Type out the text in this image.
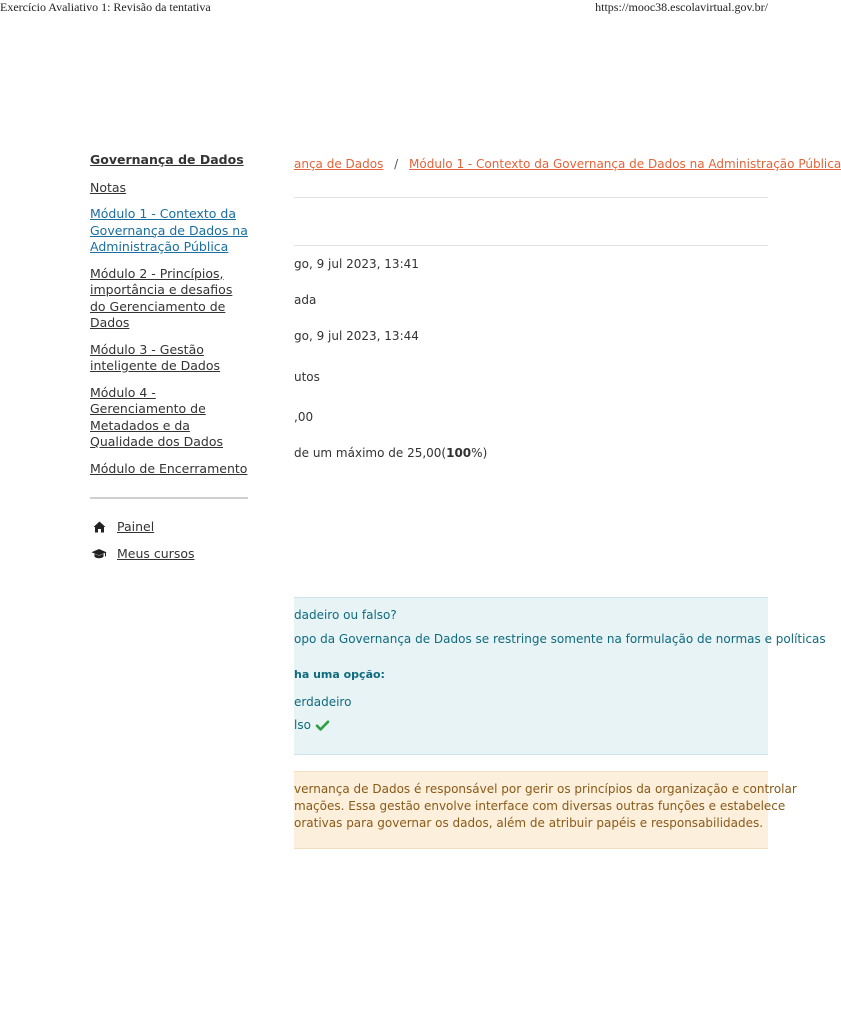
Exercício Avaliativo 1: Revisão da tentativa	https://mooc38.escolavirtual.gov.br/
Governança de Dados
Notas
Módulo 1 - Contexto da Governança de Dados na Administração Pública
Módulo 2 - Princípios, importância e desafios do Gerenciamento de Dados
Módulo 3 - Gestão inteligente de Dados
Módulo 4 - Gerenciamento de Metadados e da Qualidade dos Dados
Módulo de Encerramento
Painel
Meus cursos
ança de Dados / Módulo 1 - Contexto da Governança de Dados na Administração Pública
go, 9 jul 2023, 13:41
ada
go, 9 jul 2023, 13:44
utos
,00
de um máximo de 25,00(100%)
dadeiro ou falso?
opo da Governança de Dados se restringe somente na formulação de normas e políticas
ha uma opção:
erdadeiro
lso
vernança de Dados é responsável por gerir os princípios da organização e controlar
mações. Essa gestão envolve interface com diversas outras funções e estabelece
orativas para governar os dados, além de atribuir papéis e responsabilidades.
